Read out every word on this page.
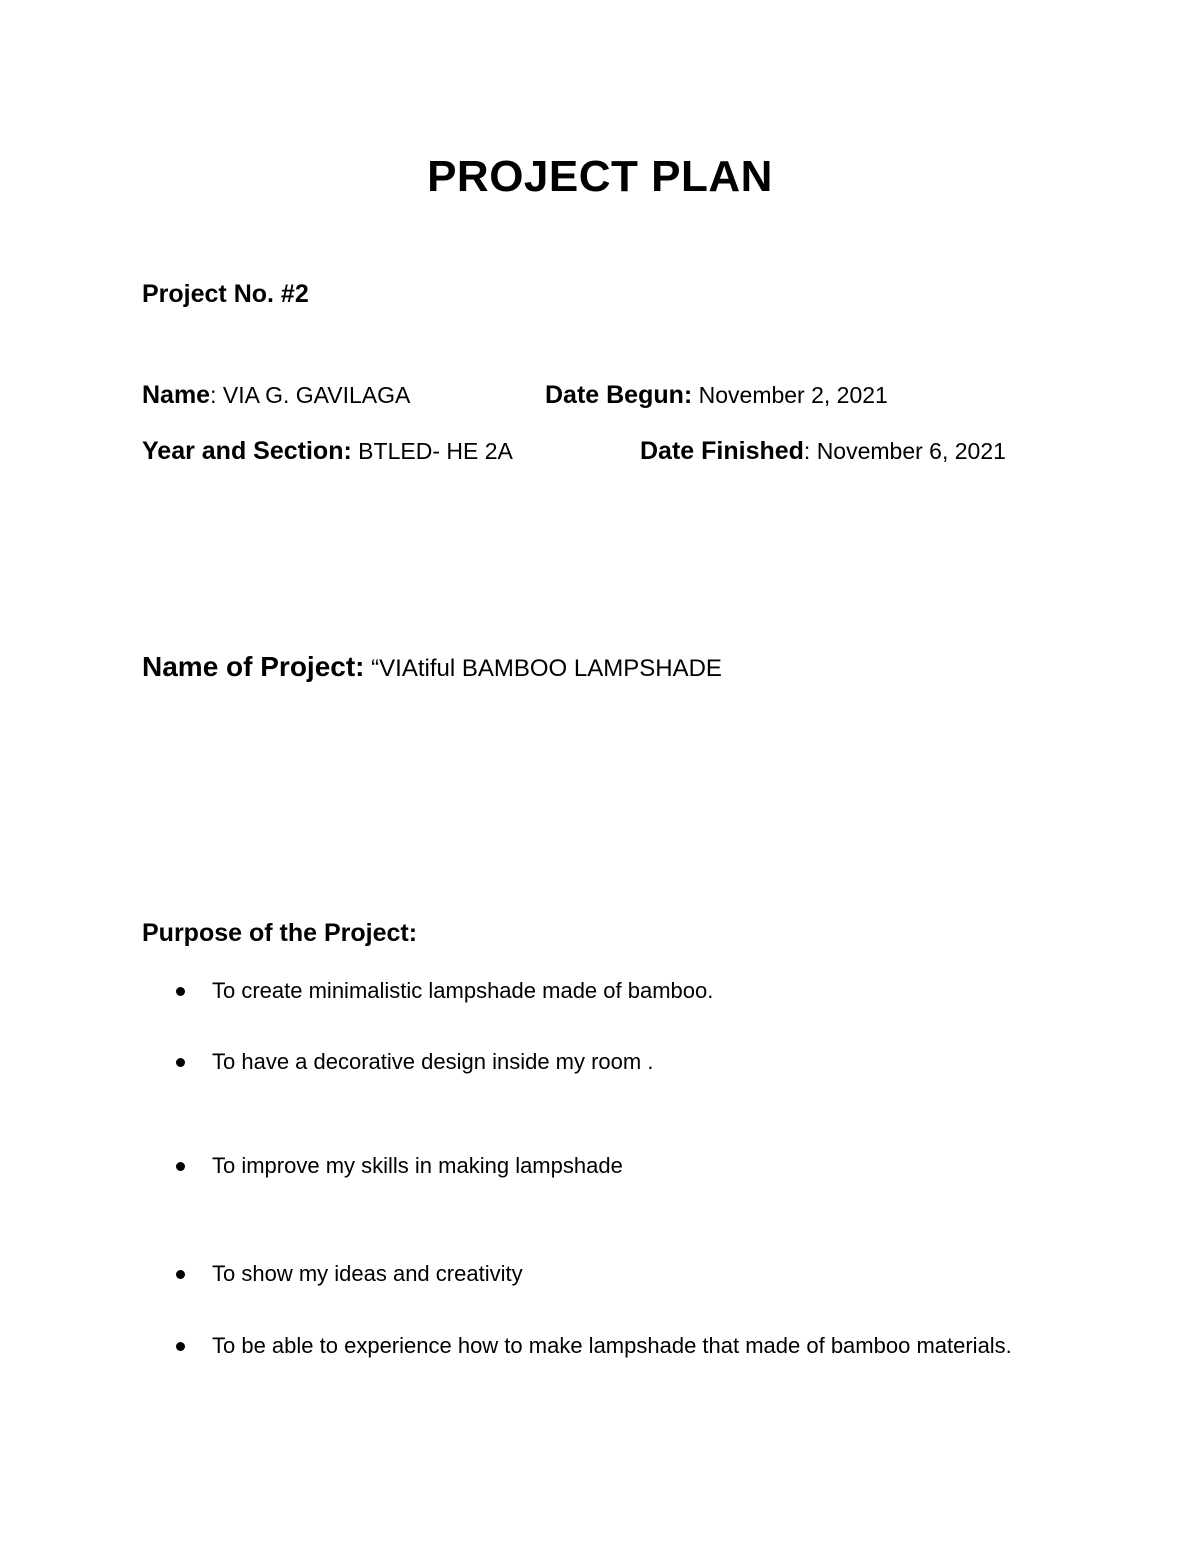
PROJECT PLAN
Project No. #2
Name: VIA G. GAVILAGA	Date Begun: November 2, 2021
Year and Section: BTLED- HE 2A	Date Finished: November 6, 2021
Name of Project: “VIAtiful BAMBOO LAMPSHADE
Purpose of the Project:
To create minimalistic lampshade made of bamboo.
To have a decorative design inside my room .
To improve my skills in making lampshade
To show my ideas and creativity
To be able to experience how to make lampshade that made of bamboo materials.
